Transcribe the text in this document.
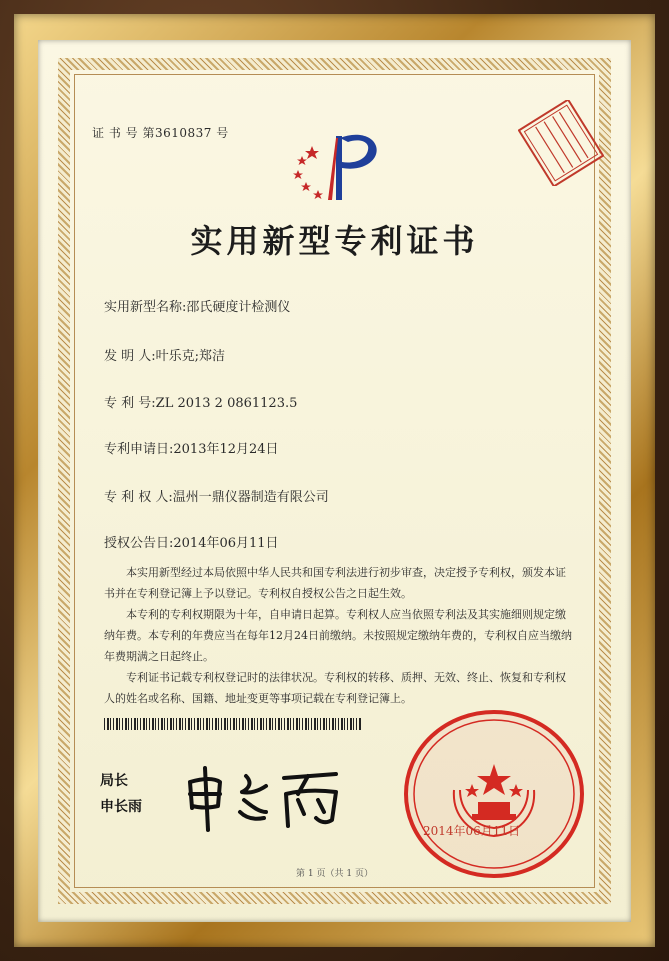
证 书 号 第3610837 号
实用新型专利证书
实用新型名称:邵氏硬度计检测仪
发 明 人:叶乐克;郑洁
专 利 号:ZL 2013 2 0861123.5
专利申请日:2013年12月24日
专 利 权 人:温州一鼎仪器制造有限公司
授权公告日:2014年06月11日

本实用新型经过本局依照中华人民共和国专利法进行初步审查，决定授予专利权，颁发本证书并在专利登记簿上予以登记。专利权自授权公告之日起生效。

本专利的专利权期限为十年，自申请日起算。专利权人应当依照专利法及其实施细则规定缴纳年费。本专利的年费应当在每年12月24日前缴纳。未按照规定缴纳年费的，专利权自应当缴纳年费期满之日起终止。

专利证书记载专利权登记时的法律状况。专利权的转移、质押、无效、终止、恢复和专利权人的姓名或名称、国籍、地址变更等事项记载在专利登记簿上。

局长
申长雨
2014年06月11日
第 1 页（共 1 页）
